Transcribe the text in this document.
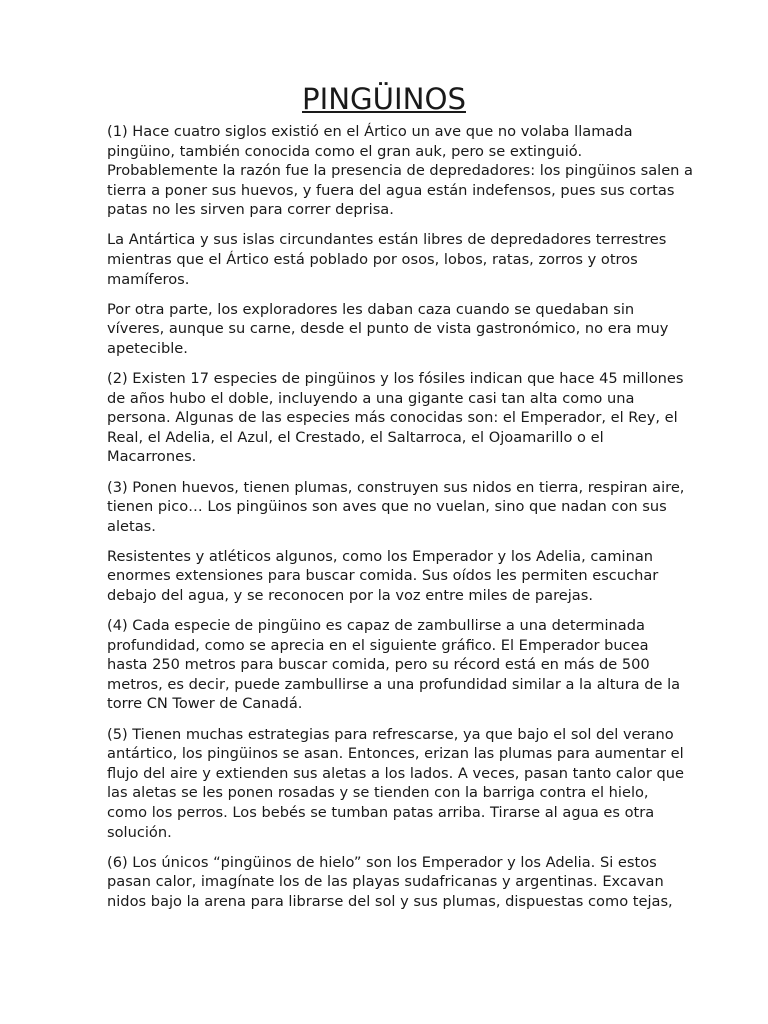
PINGÜINOS

(1) Hace cuatro siglos existió en el Ártico un ave que no volaba llamada
pingüino, también conocida como el gran auk, pero se extinguió.
Probablemente la razón fue la presencia de depredadores: los pingüinos salen a
tierra a poner sus huevos, y fuera del agua están indefensos, pues sus cortas
patas no les sirven para correr deprisa.

La Antártica y sus islas circundantes están libres de depredadores terrestres
mientras que el Ártico está poblado por osos, lobos, ratas, zorros y otros
mamíferos.

Por otra parte, los exploradores les daban caza cuando se quedaban sin
víveres, aunque su carne, desde el punto de vista gastronómico, no era muy
apetecible.

(2) Existen 17 especies de pingüinos y los fósiles indican que hace 45 millones
de años hubo el doble, incluyendo a una gigante casi tan alta como una
persona. Algunas de las especies más conocidas son: el Emperador, el Rey, el
Real, el Adelia, el Azul, el Crestado, el Saltarroca, el Ojoamarillo o el
Macarrones.

(3) Ponen huevos, tienen plumas, construyen sus nidos en tierra, respiran aire,
tienen pico… Los pingüinos son aves que no vuelan, sino que nadan con sus
aletas.

Resistentes y atléticos algunos, como los Emperador y los Adelia, caminan
enormes extensiones para buscar comida. Sus oídos les permiten escuchar
debajo del agua, y se reconocen por la voz entre miles de parejas.

(4) Cada especie de pingüino es capaz de zambullirse a una determinada
profundidad, como se aprecia en el siguiente gráfico. El Emperador bucea
hasta 250 metros para buscar comida, pero su récord está en más de 500
metros, es decir, puede zambullirse a una profundidad similar a la altura de la
torre CN Tower de Canadá.

(5) Tienen muchas estrategias para refrescarse, ya que bajo el sol del verano
antártico, los pingüinos se asan. Entonces, erizan las plumas para aumentar el
flujo del aire y extienden sus aletas a los lados. A veces, pasan tanto calor que
las aletas se les ponen rosadas y se tienden con la barriga contra el hielo,
como los perros. Los bebés se tumban patas arriba. Tirarse al agua es otra
solución.

(6) Los únicos “pingüinos de hielo” son los Emperador y los Adelia. Si estos
pasan calor, imagínate los de las playas sudafricanas y argentinas. Excavan
nidos bajo la arena para librarse del sol y sus plumas, dispuestas como tejas,
